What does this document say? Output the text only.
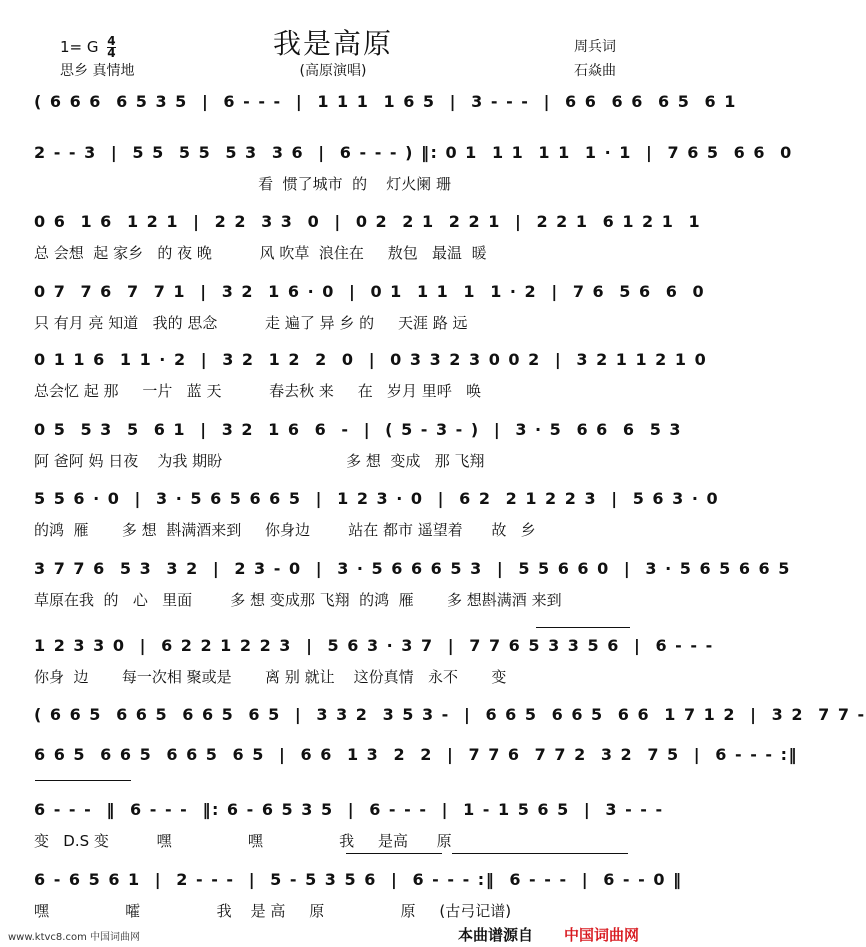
我是高原
(高原演唱)
1= G $\frac{4}{4}$
思乡 真情地
周兵词
石焱曲
( 6 6 6  6 5 3 5  |  6 - - -  |  1 1 1  1 6 5  |  3 - - -  |  6 6  6 6  6 5  6 1
2 - - 3  |  5 5  5 5  5 3  3 6  |  6 - - - ) ‖: 0 1  1 1  1 1  1 · 1  |  7 6 5  6 6  0
看  惯了城市  的    灯火阑 珊
0 6  1 6  1 2 1  |  2 2  3 3  0  |  0 2  2 1  2 2 1  |  2 2 1  6 1 2 1  1
总 会想  起 家乡   的 夜 晚          风 吹草  浪住在     敖包   最温  暖
0 7  7 6  7  7 1  |  3 2  1 6 · 0  |  0 1  1 1  1  1 · 2  |  7 6  5 6  6  0
只 有月 亮 知道   我的 思念          走 遍了 异 乡 的     天涯 路 远
0 1 1 6  1 1 · 2  |  3 2  1 2  2  0  |  0 3 3 2 3 0 0 2  |  3 2 1 1 2 1 0
总会忆 起 那     一片   蓝 天          春去秋 来     在   岁月 里呼   唤
0 5  5 3  5  6 1  |  3 2  1 6  6  -  |  ( 5 - 3 - )  |  3 · 5  6 6  6  5 3
阿 爸阿 妈 日夜    为我 期盼                          多 想  变成   那 飞翔
5 5 6 · 0  |  3 · 5 6 5 6 6 5  |  1 2 3 · 0  |  6 2  2 1 2 2 3  |  5 6 3 · 0
的鸿  雁       多 想  斟满酒来到     你身边        站在 都市 遥望着      故   乡
3 7 7 6  5 3  3 2  |  2 3 - 0  |  3 · 5 6 6 6 5 3  |  5 5 6 6 0  |  3 · 5 6 5 6 6 5
草原在我  的   心   里面        多 想 变成那 飞翔  的鸿  雁       多 想斟满酒 来到
1 2 3 3 0  |  6 2 2 1 2 2 3  |  5 6 3 · 3 7  |  7 7 6 5 3 3 5 6  |  6 - - -
你身  边       每一次相 聚或是       离 别 就让    这份真情   永不       变
( 6 6 5  6 6 5  6 6 5  6 5  |  3 3 2  3 5 3 -  |  6 6 5  6 6 5  6 6  1 7 1 2  |  3 2  7 7 -
6 6 5  6 6 5  6 6 5  6 5  |  6 6  1 3  2  2  |  7 7 6  7 7 2  3 2  7 5  |  6 - - - :‖
6 - - -  ‖  6 - - -  ‖: 6 - 6 5 3 5  |  6 - - -  |  1 - 1 5 6 5  |  3 - - -
变   D.S 变          嘿                嘿                我     是高      原
6 - 6 5 6 1  |  2 - - -  |  5 - 5 3 5 6  |  6 - - - :‖  6 - - -  |  6 - - 0 ‖
嘿                嚯                我    是 高     原                原     (古弓记谱)
www.ktvc8.com 中国词曲网	本曲谱源自 中国词曲网
